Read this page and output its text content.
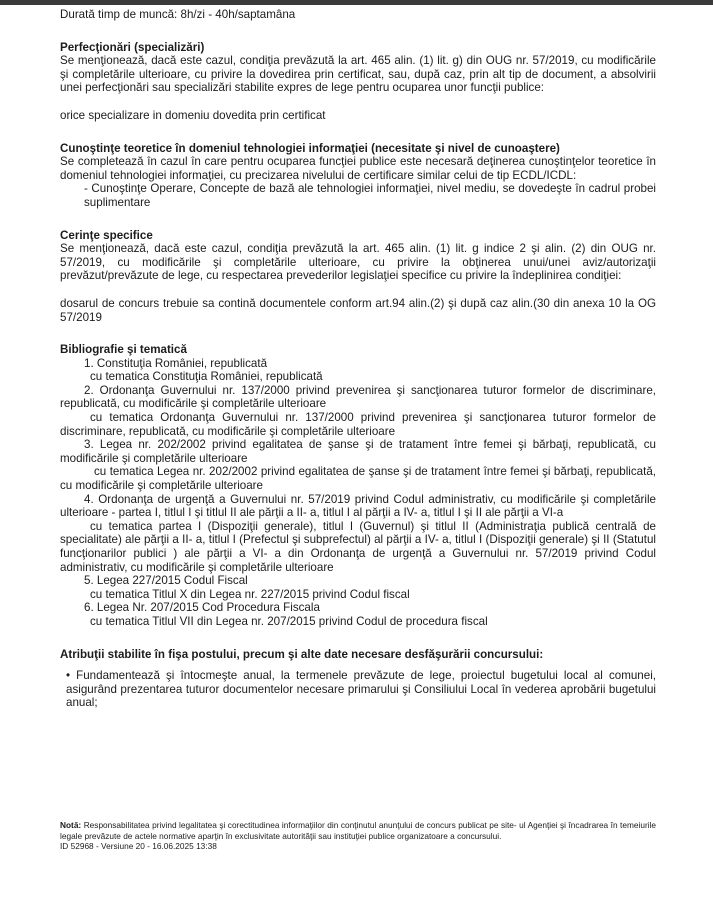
Durată timp de muncă: 8h/zi - 40h/saptamâna

Perfecţionări (specializări)

Se menţionează, dacă este cazul, condiţia prevăzută la art. 465 alin. (1) lit. g) din OUG nr. 57/2019, cu modificările şi completările ulterioare, cu privire la dovedirea prin certificat, sau, după caz, prin alt tip de document, a absolvirii unei perfecţionări sau specializări stabilite expres de lege pentru ocuparea unor funcţii publice:

orice specializare in domeniu dovedita prin certificat

Cunoştinţe teoretice în domeniul tehnologiei informaţiei (necesitate şi nivel de cunoaştere)

Se completează în cazul în care pentru ocuparea funcţiei publice este necesară deţinerea cunoştinţelor teoretice în domeniul tehnologiei informaţiei, cu precizarea nivelului de certificare similar celui de tip ECDL/ICDL:

- Cunoştinţe Operare, Concepte de bază ale tehnologiei informaţiei, nivel mediu, se dovedeşte în cadrul probei suplimentare

Cerinţe specifice

Se menţionează, dacă este cazul, condiţia prevăzută la art. 465 alin. (1) lit. g indice 2 şi alin. (2) din OUG nr. 57/2019, cu modificările şi completările ulterioare, cu privire la obţinerea unui/unei aviz/autorizaţii prevăzut/prevăzute de lege, cu respectarea prevederilor legislaţiei specifice cu privire la îndeplinirea condiţiei:

dosarul de concurs trebuie sa contină documentele conform art.94 alin.(2) şi după caz alin.(30 din anexa 10 la OG 57/2019

Bibliografie şi tematică

1. Constituţia României, republicată

cu tematica Constituţia României, republicată

2. Ordonanţa Guvernului nr. 137/2000 privind prevenirea şi sancţionarea tuturor formelor de discriminare, republicată, cu modificările şi completările ulterioare

cu tematica Ordonanţa Guvernului nr. 137/2000 privind prevenirea şi sancţionarea tuturor formelor de discriminare, republicată, cu modificările şi completările ulterioare

3. Legea nr. 202/2002 privind egalitatea de şanse şi de tratament între femei şi bărbaţi, republicată, cu modificările şi completările ulterioare

cu tematica Legea nr. 202/2002 privind egalitatea de şanse şi de tratament între femei şi bărbaţi, republicată, cu modificările şi completările ulterioare

4. Ordonanţa de urgenţă a Guvernului nr. 57/2019 privind Codul administrativ, cu modificările şi completările ulterioare - partea I, titlul I şi titlul II ale părţii a II- a, titlul I al părţii a IV- a, titlul I şi II ale părţii a VI-a

cu tematica partea I (Dispoziţii generale), titlul I (Guvernul) şi titlul II (Administraţia publică centrală de specialitate) ale părţii a II- a, titlul I (Prefectul şi subprefectul) al părţii a IV- a, titlul I (Dispoziţii generale) şi II (Statutul funcţionarilor publici ) ale părţii a VI- a din Ordonanţa de urgenţă a Guvernului nr. 57/2019 privind Codul administrativ, cu modificările şi completările ulterioare

5. Legea 227/2015 Codul Fiscal

cu tematica Titlul X din Legea nr. 227/2015 privind Codul fiscal

6. Legea Nr. 207/2015 Cod Procedura Fiscala

cu tematica Titlul VII din Legea nr. 207/2015 privind Codul de procedura fiscal

Atribuţii stabilite în fişa postului, precum şi alte date necesare desfăşurării concursului:

• Fundamentează şi întocmeşte anual, la termenele prevăzute de lege, proiectul bugetului local al comunei, asigurând prezentarea tuturor documentelor necesare primarului şi Consiliului Local în vederea aprobării bugetului anual;

Notă: Responsabilitatea privind legalitatea şi corectitudinea informaţiilor din conţinutul anunţului de concurs publicat pe site- ul Agenţiei şi încadrarea în temeiurile legale prevăzute de actele normative aparţin în exclusivitate autorităţii sau instituţiei publice organizatoare a concursului.
ID 52968 - Versiune 20 - 16.06.2025 13:38
